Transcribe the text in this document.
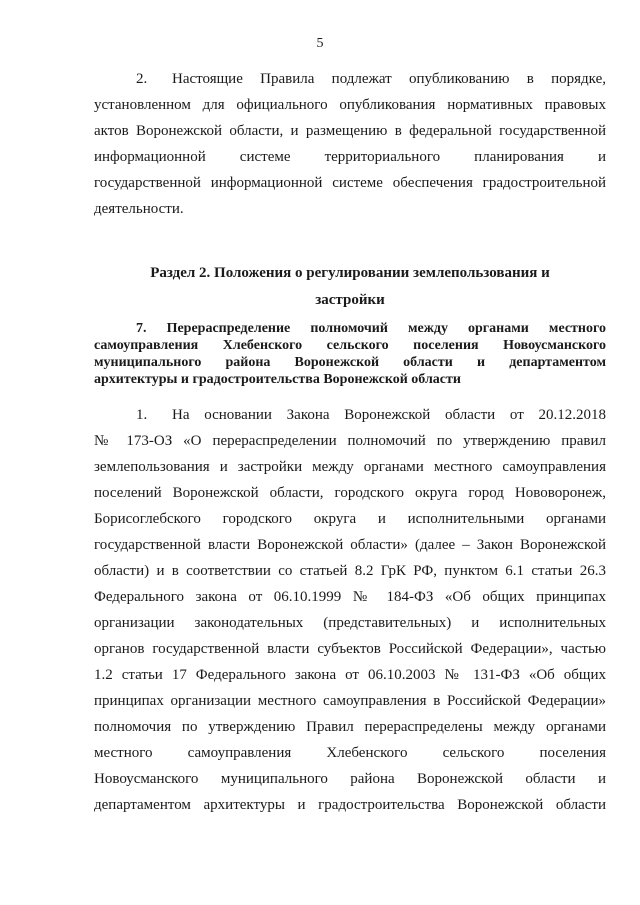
5
2. Настоящие Правила подлежат опубликованию в порядке,
установленном для официального опубликования нормативных правовых
актов Воронежской области, и размещению в федеральной государственной
информационной системе территориального планирования и
государственной информационной системе обеспечения градостроительной
деятельности.
Раздел 2. Положения о регулировании землепользования и
застройки
7. Перераспределение полномочий между органами местного
самоуправления Хлебенского сельского поселения Новоусманского
муниципального района Воронежской области и департаментом
архитектуры и градостроительства Воронежской области
1. На основании Закона Воронежской области от 20.12.2018
№ 173-ОЗ «О перераспределении полномочий по утверждению правил
землепользования и застройки между органами местного самоуправления
поселений Воронежской области, городского округа город Нововоронеж,
Борисоглебского городского округа и исполнительными органами
государственной власти Воронежской области» (далее – Закон Воронежской
области) и в соответствии со статьей 8.2 ГрК РФ, пунктом 6.1 статьи 26.3
Федерального закона от 06.10.1999 № 184-ФЗ «Об общих принципах
организации законодательных (представительных) и исполнительных
органов государственной власти субъектов Российской Федерации», частью
1.2 статьи 17 Федерального закона от 06.10.2003 № 131-ФЗ «Об общих
принципах организации местного самоуправления в Российской Федерации»
полномочия по утверждению Правил перераспределены между органами
местного самоуправления Хлебенского сельского поселения
Новоусманского муниципального района Воронежской области и
департаментом архитектуры и градостроительства Воронежской области
